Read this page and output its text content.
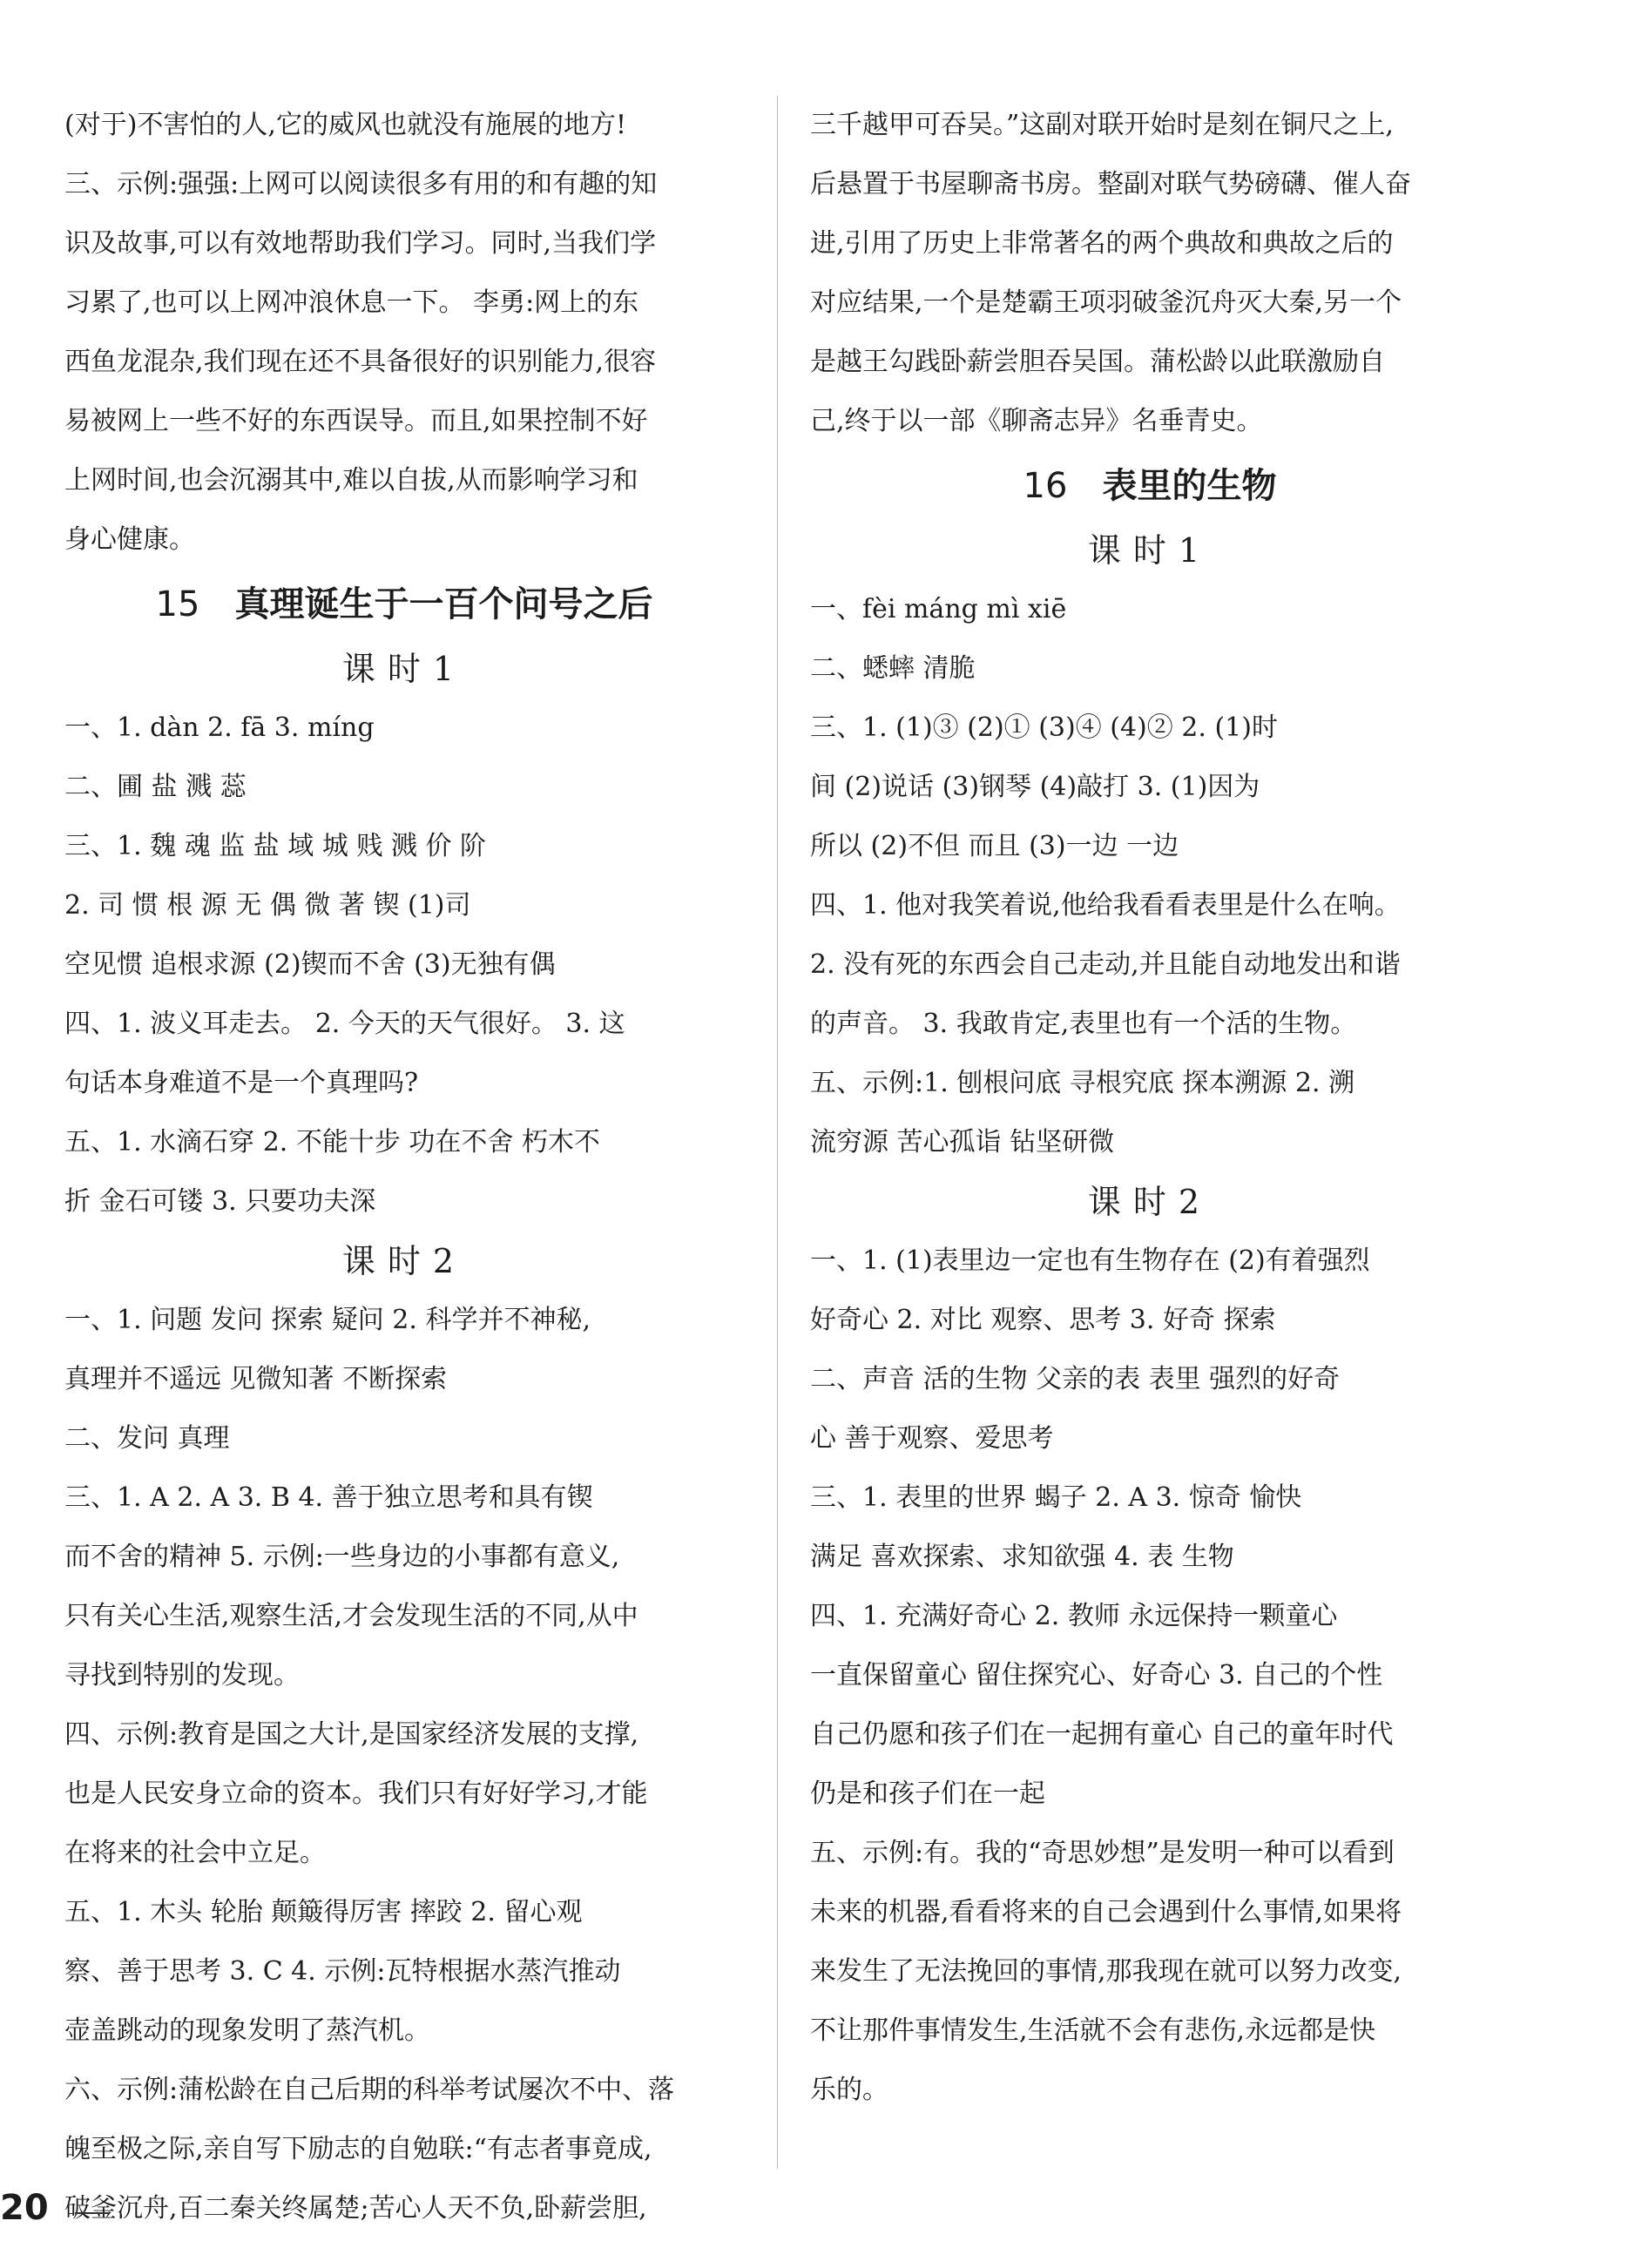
(对于)不害怕的人,它的威风也就没有施展的地方!

三、示例:强强:上网可以阅读很多有用的和有趣的知

识及故事,可以有效地帮助我们学习。同时,当我们学

习累了,也可以上网冲浪休息一下。 李勇:网上的东

西鱼龙混杂,我们现在还不具备很好的识别能力,很容

易被网上一些不好的东西误导。而且,如果控制不好

上网时间,也会沉溺其中,难以自拔,从而影响学习和

身心健康。

15 真理诞生于一百个问号之后
课时1

一、1. dàn 2. fā 3. míng

二、圃 盐 溅 蕊

三、1. 魏 魂 监 盐 域 城 贱 溅 价 阶

2. 司 惯 根 源 无 偶 微 著 锲 (1)司

空见惯 追根求源 (2)锲而不舍 (3)无独有偶

四、1. 波义耳走去。 2. 今天的天气很好。 3. 这

句话本身难道不是一个真理吗?

五、1. 水滴石穿 2. 不能十步 功在不舍 朽木不

折 金石可镂 3. 只要功夫深

课时2

一、1. 问题 发问 探索 疑问 2. 科学并不神秘,

真理并不遥远 见微知著 不断探索

二、发问 真理

三、1. A 2. A 3. B 4. 善于独立思考和具有锲

而不舍的精神 5. 示例:一些身边的小事都有意义,

只有关心生活,观察生活,才会发现生活的不同,从中

寻找到特别的发现。

四、示例:教育是国之大计,是国家经济发展的支撑,

也是人民安身立命的资本。我们只有好好学习,才能

在将来的社会中立足。

五、1. 木头 轮胎 颠簸得厉害 摔跤 2. 留心观

察、善于思考 3. C 4. 示例:瓦特根据水蒸汽推动

壶盖跳动的现象发明了蒸汽机。

六、示例:蒲松龄在自己后期的科举考试屡次不中、落

魄至极之际,亲自写下励志的自勉联:“有志者事竟成,

破釜沉舟,百二秦关终属楚;苦心人天不负,卧薪尝胆,

三千越甲可吞吴。”这副对联开始时是刻在铜尺之上,

后悬置于书屋聊斋书房。整副对联气势磅礴、催人奋

进,引用了历史上非常著名的两个典故和典故之后的

对应结果,一个是楚霸王项羽破釜沉舟灭大秦,另一个

是越王勾践卧薪尝胆吞吴国。蒲松龄以此联激励自

己,终于以一部《聊斋志异》名垂青史。

16 表里的生物
课时1

一、fèi máng mì xiē

二、蟋蟀 清脆

三、1. (1)③ (2)① (3)④ (4)② 2. (1)时

间 (2)说话 (3)钢琴 (4)敲打 3. (1)因为

所以 (2)不但 而且 (3)一边 一边

四、1. 他对我笑着说,他给我看看表里是什么在响。

2. 没有死的东西会自己走动,并且能自动地发出和谐

的声音。 3. 我敢肯定,表里也有一个活的生物。

五、示例:1. 刨根问底 寻根究底 探本溯源 2. 溯

流穷源 苦心孤诣 钻坚研微

课时2

一、1. (1)表里边一定也有生物存在 (2)有着强烈

好奇心 2. 对比 观察、思考 3. 好奇 探索

二、声音 活的生物 父亲的表 表里 强烈的好奇

心 善于观察、爱思考

三、1. 表里的世界 蝎子 2. A 3. 惊奇 愉快

满足 喜欢探索、求知欲强 4. 表 生物

四、1. 充满好奇心 2. 教师 永远保持一颗童心

一直保留童心 留住探究心、好奇心 3. 自己的个性

自己仍愿和孩子们在一起拥有童心 自己的童年时代

仍是和孩子们在一起

五、示例:有。我的“奇思妙想”是发明一种可以看到

未来的机器,看看将来的自己会遇到什么事情,如果将

来发生了无法挽回的事情,那我现在就可以努力改变,

不让那件事情发生,生活就不会有悲伤,永远都是快

乐的。

20
